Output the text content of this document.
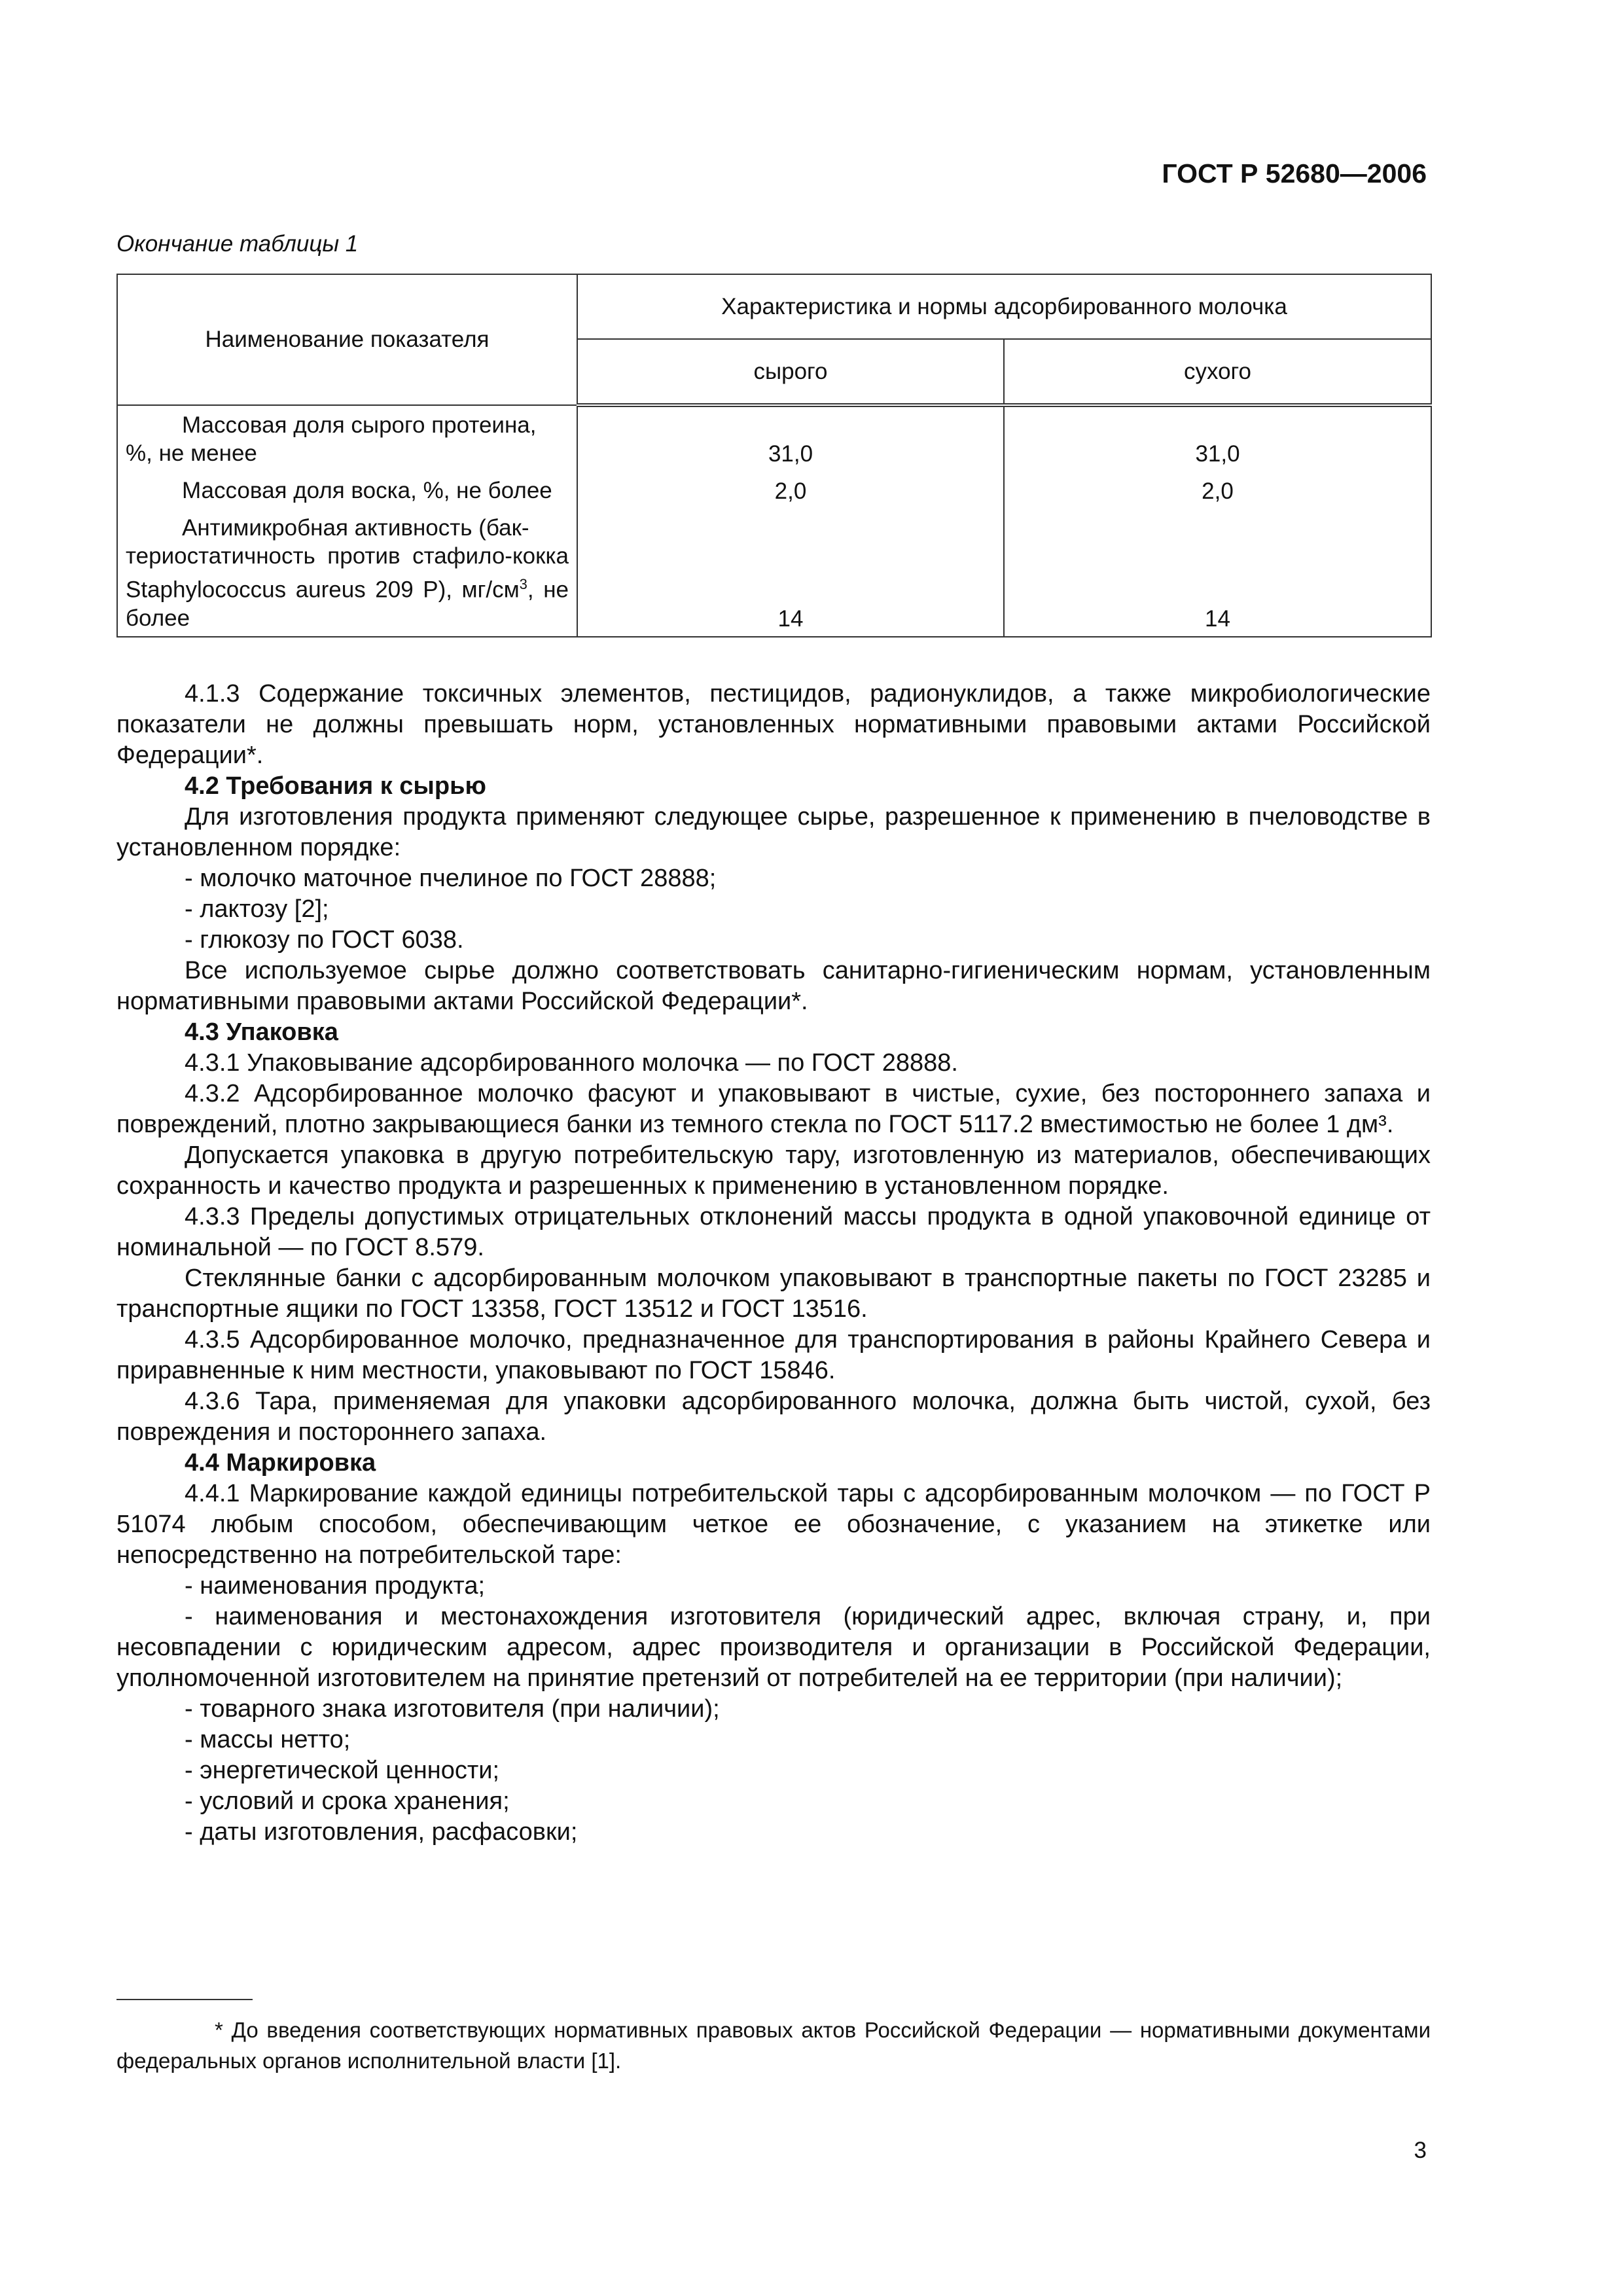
ГОСТ Р 52680—2006
Окончание таблицы 1
Наименование показателя	Характеристика и нормы адсорбированного молочка	
	сырого	сухого

Массовая доля сырого протеина,
%, не менее	31,0	31,0

Массовая доля воска, %, не более	2,0	2,0

Антимикробная активность (бак-
териостатичность против стафило-кокка Staphylococcus aureus 209 Р), $мг/см^3$, не более	14	14

4.1.3 Содержание токсичных элементов, пестицидов, радионуклидов, а также микробиологические показатели не должны превышать норм, установленных нормативными правовыми актами Российской Федерации*.

4.2 Требования к сырью

Для изготовления продукта применяют следующее сырье, разрешенное к применению в пчеловодстве в установленном порядке:

- молочко маточное пчелиное по ГОСТ 28888;

- лактозу [2];

- глюкозу по ГОСТ 6038.

Все используемое сырье должно соответствовать санитарно-гигиеническим нормам, установленным нормативными правовыми актами Российской Федерации*.

4.3 Упаковка

4.3.1 Упаковывание адсорбированного молочка — по ГОСТ 28888.

4.3.2 Адсорбированное молочко фасуют и упаковывают в чистые, сухие, без постороннего запаха и повреждений, плотно закрывающиеся банки из темного стекла по ГОСТ 5117.2 вместимостью не более 1 дм³.

Допускается упаковка в другую потребительскую тару, изготовленную из материалов, обеспечивающих сохранность и качество продукта и разрешенных к применению в установленном порядке.

4.3.3 Пределы допустимых отрицательных отклонений массы продукта в одной упаковочной единице от номинальной — по ГОСТ 8.579.

Стеклянные банки с адсорбированным молочком упаковывают в транспортные пакеты по ГОСТ 23285 и транспортные ящики по ГОСТ 13358, ГОСТ 13512 и ГОСТ 13516.

4.3.5 Адсорбированное молочко, предназначенное для транспортирования в районы Крайнего Севера и приравненные к ним местности, упаковывают по ГОСТ 15846.

4.3.6 Тара, применяемая для упаковки адсорбированного молочка, должна быть чистой, сухой, без повреждения и постороннего запаха.

4.4 Маркировка

4.4.1 Маркирование каждой единицы потребительской тары с адсорбированным молочком — по ГОСТ Р 51074 любым способом, обеспечивающим четкое ее обозначение, с указанием на этикетке или непосредственно на потребительской таре:

- наименования продукта;

- наименования и местонахождения изготовителя (юридический адрес, включая страну, и, при несовпадении с юридическим адресом, адрес производителя и организации в Российской Федерации, уполномоченной изготовителем на принятие претензий от потребителей на ее территории (при наличии);

- товарного знака изготовителя (при наличии);

- массы нетто;

- энергетической ценности;

- условий и срока хранения;

- даты изготовления, расфасовки;

* До введения соответствующих нормативных правовых актов Российской Федерации — нормативными документами федеральных органов исполнительной власти [1].
3
